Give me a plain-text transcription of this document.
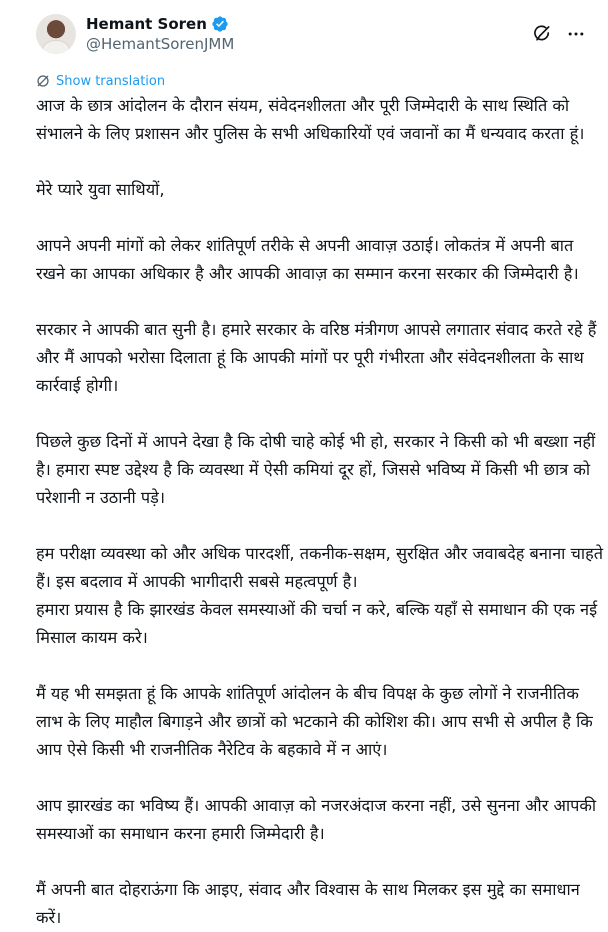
Hemant Soren
@HemantSorenJMM
Show translation

आज के छात्र आंदोलन के दौरान संयम, संवेदनशीलता और पूरी जिम्मेदारी के साथ स्थिति को संभालने के लिए प्रशासन और पुलिस के सभी अधिकारियों एवं जवानों का मैं धन्यवाद करता हूं।

मेरे प्यारे युवा साथियों,

आपने अपनी मांगों को लेकर शांतिपूर्ण तरीके से अपनी आवाज़ उठाई। लोकतंत्र में अपनी बात रखने का आपका अधिकार है और आपकी आवाज़ का सम्मान करना सरकार की जिम्मेदारी है।

सरकार ने आपकी बात सुनी है। हमारे सरकार के वरिष्ठ मंत्रीगण आपसे लगातार संवाद करते रहे हैं और मैं आपको भरोसा दिलाता हूं कि आपकी मांगों पर पूरी गंभीरता और संवेदनशीलता के साथ कार्रवाई होगी।

पिछले कुछ दिनों में आपने देखा है कि दोषी चाहे कोई भी हो, सरकार ने किसी को भी बख्शा नहीं है। हमारा स्पष्ट उद्देश्य है कि व्यवस्था में ऐसी कमियां दूर हों, जिससे भविष्य में किसी भी छात्र को परेशानी न उठानी पड़े।

हम परीक्षा व्यवस्था को और अधिक पारदर्शी, तकनीक-सक्षम, सुरक्षित और जवाबदेह बनाना चाहते हैं। इस बदलाव में आपकी भागीदारी सबसे महत्वपूर्ण है।
हमारा प्रयास है कि झारखंड केवल समस्याओं की चर्चा न करे, बल्कि यहाँ से समाधान की एक नई मिसाल कायम करे।

मैं यह भी समझता हूं कि आपके शांतिपूर्ण आंदोलन के बीच विपक्ष के कुछ लोगों ने राजनीतिक लाभ के लिए माहौल बिगाड़ने और छात्रों को भटकाने की कोशिश की। आप सभी से अपील है कि आप ऐसे किसी भी राजनीतिक नैरेटिव के बहकावे में न आएं।

आप झारखंड का भविष्य हैं। आपकी आवाज़ को नजरअंदाज करना नहीं, उसे सुनना और आपकी समस्याओं का समाधान करना हमारी जिम्मेदारी है।

मैं अपनी बात दोहराऊंगा कि आइए, संवाद और विश्वास के साथ मिलकर इस मुद्दे का समाधान करें।
